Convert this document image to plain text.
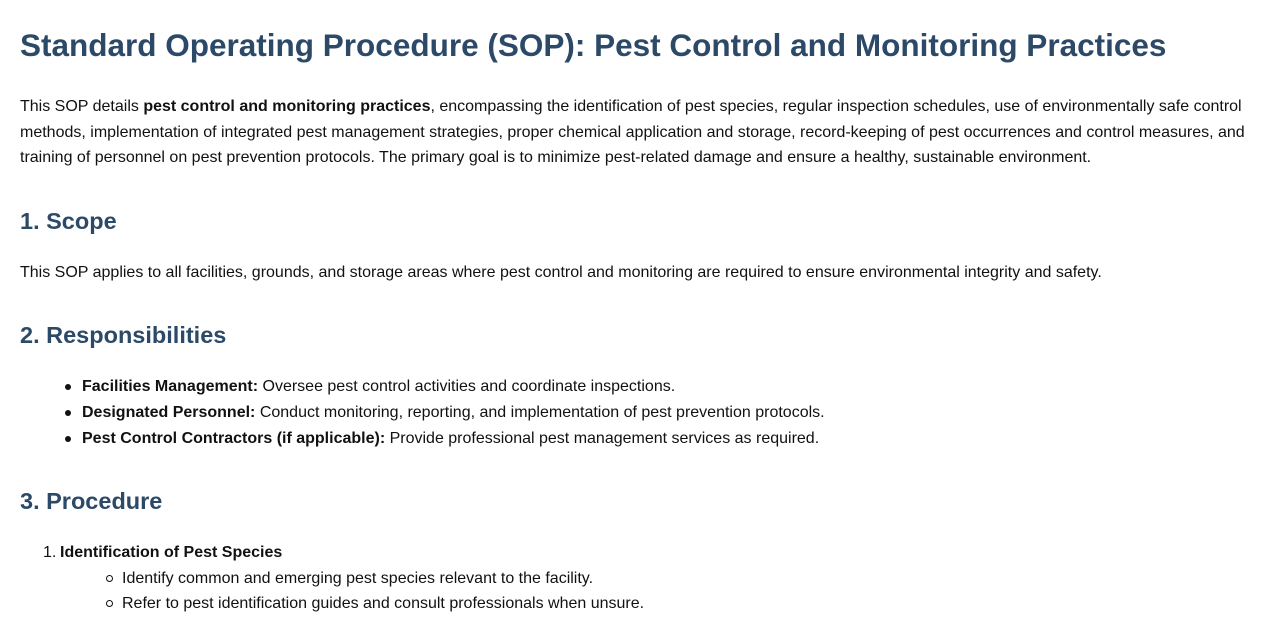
Standard Operating Procedure (SOP): Pest Control and Monitoring Practices

This SOP details pest control and monitoring practices, encompassing the identification of pest species, regular inspection schedules, use of environmentally safe control methods, implementation of integrated pest management strategies, proper chemical application and storage, record-keeping of pest occurrences and control measures, and training of personnel on pest prevention protocols. The primary goal is to minimize pest-related damage and ensure a healthy, sustainable environment.

1. Scope

This SOP applies to all facilities, grounds, and storage areas where pest control and monitoring are required to ensure environmental integrity and safety.

2. Responsibilities
Facilities Management: Oversee pest control activities and coordinate inspections.
Designated Personnel: Conduct monitoring, reporting, and implementation of pest prevention protocols.
Pest Control Contractors (if applicable): Provide professional pest management services as required.
3. Procedure
1. Identification of Pest Species
Identify common and emerging pest species relevant to the facility.
Refer to pest identification guides and consult professionals when unsure.
